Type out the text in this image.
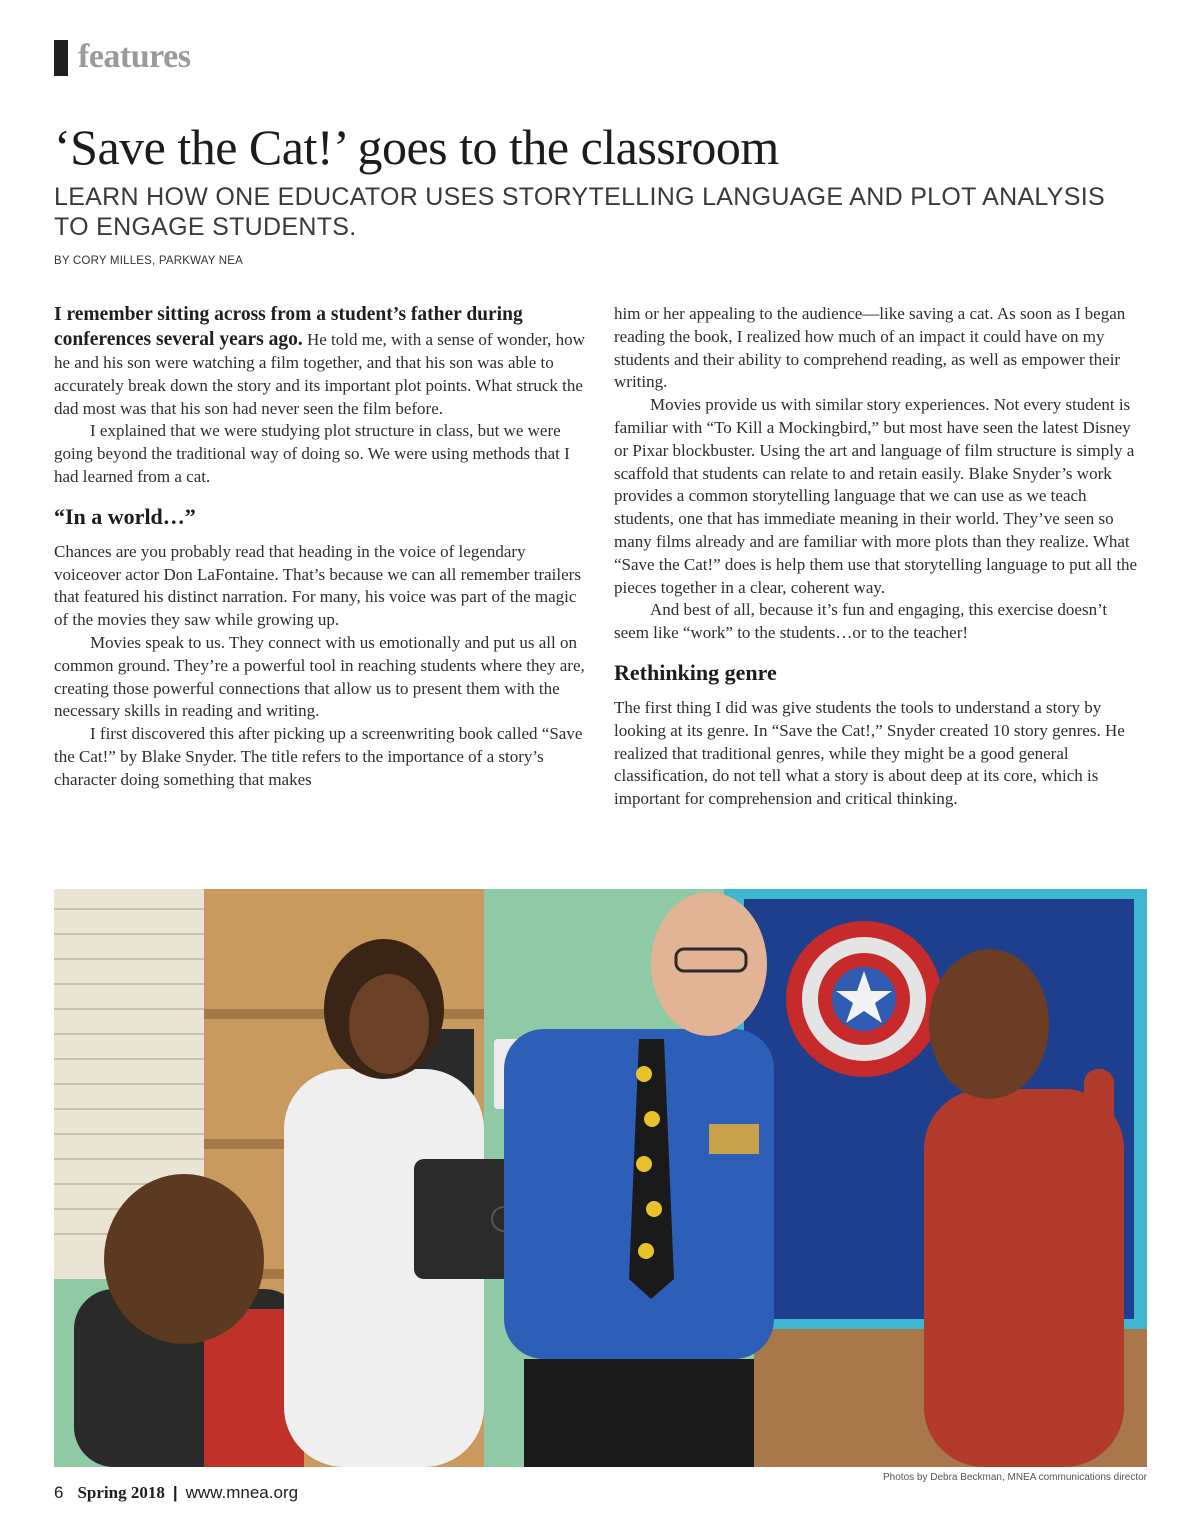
features
‘Save the Cat!’ goes to the classroom
LEARN HOW ONE EDUCATOR USES STORYTELLING LANGUAGE AND PLOT ANALYSIS TO ENGAGE STUDENTS.
BY CORY MILLES, PARKWAY NEA

I remember sitting across from a student’s father during conferences several years ago. He told me, with a sense of wonder, how he and his son were watching a film together, and that his son was able to accurately break down the story and its important plot points. What struck the dad most was that his son had never seen the film before.

I explained that we were studying plot structure in class, but we were going beyond the traditional way of doing so. We were using methods that I had learned from a cat.

“In a world…”

Chances are you probably read that heading in the voice of legendary voiceover actor Don LaFontaine. That’s because we can all remember trailers that featured his distinct narration. For many, his voice was part of the magic of the movies they saw while growing up.

Movies speak to us. They connect with us emotionally and put us all on common ground. They’re a powerful tool in reaching students where they are, creating those powerful connections that allow us to present them with the necessary skills in reading and writing.

I first discovered this after picking up a screenwriting book called “Save the Cat!” by Blake Snyder. The title refers to the importance of a story’s character doing something that makes

him or her appealing to the audience—like saving a cat. As soon as I began reading the book, I realized how much of an impact it could have on my students and their ability to comprehend reading, as well as empower their writing.

Movies provide us with similar story experiences. Not every student is familiar with “To Kill a Mockingbird,” but most have seen the latest Disney or Pixar blockbuster. Using the art and language of film structure is simply a scaffold that students can relate to and retain easily. Blake Snyder’s work provides a common storytelling language that we can use as we teach students, one that has immediate meaning in their world. They’ve seen so many films already and are familiar with more plots than they realize. What “Save the Cat!” does is help them use that storytelling language to put all the pieces together in a clear, coherent way.

And best of all, because it’s fun and engaging, this exercise doesn’t seem like “work” to the students…or to the teacher!

Rethinking genre

The first thing I did was give students the tools to understand a story by looking at its genre. In “Save the Cat!,” Snyder created 10 story genres. He realized that traditional genres, while they might be a good general classification, do not tell what a story is about deep at its core, which is important for comprehension and critical thinking.

Photos by Debra Beckman, MNEA communications director
6 Spring 2018 | www.mnea.org
